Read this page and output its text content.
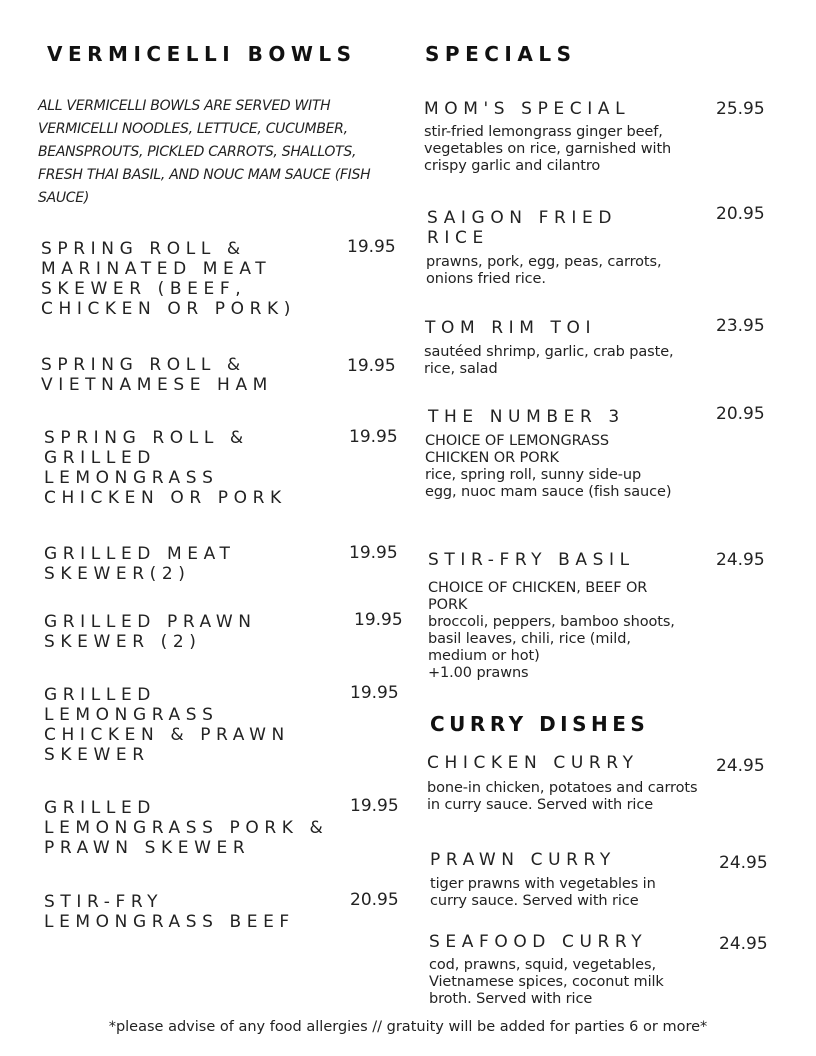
VERMICELLI BOWLS
ALL VERMICELLI BOWLS ARE SERVED WITH VERMICELLI NOODLES, LETTUCE, CUCUMBER, BEANSPROUTS, PICKLED CARROTS, SHALLOTS, FRESH THAI BASIL, AND NOUC MAM SAUCE (FISH SAUCE)
SPRING ROLL & MARINATED MEAT SKEWER (BEEF, CHICKEN OR PORK)
19.95
SPRING ROLL & VIETNAMESE HAM
19.95
SPRING ROLL & GRILLED LEMONGRASS CHICKEN OR PORK
19.95
GRILLED MEAT SKEWER(2)
19.95
GRILLED PRAWN SKEWER (2)
19.95
GRILLED LEMONGRASS CHICKEN & PRAWN SKEWER
19.95
GRILLED LEMONGRASS PORK & PRAWN SKEWER
19.95
STIR-FRY LEMONGRASS BEEF
20.95
SPECIALS
MOM'S SPECIAL	25.95
stir-fried lemongrass ginger beef, vegetables on rice, garnished with crispy garlic and cilantro
SAIGON FRIED RICE
20.95
prawns, pork, egg, peas, carrots, onions fried rice.
TOM RIM TOI	23.95
sautéed shrimp, garlic, crab paste, rice, salad
THE NUMBER 3	20.95
CHOICE OF LEMONGRASS CHICKEN OR PORK
rice, spring roll, sunny side-up egg, nuoc mam sauce (fish sauce)
STIR-FRY BASIL	24.95
CHOICE OF CHICKEN, BEEF OR PORK
broccoli, peppers, bamboo shoots, basil leaves, chili, rice (mild, medium or hot)
+1.00 prawns
CURRY DISHES
CHICKEN CURRY	24.95
bone-in chicken, potatoes and carrots in curry sauce. Served with rice
PRAWN CURRY	24.95
tiger prawns with vegetables in curry sauce. Served with rice
SEAFOOD CURRY	24.95
cod, prawns, squid, vegetables, Vietnamese spices, coconut milk broth. Served with rice
*please advise of any food allergies // gratuity will be added for parties 6 or more*
